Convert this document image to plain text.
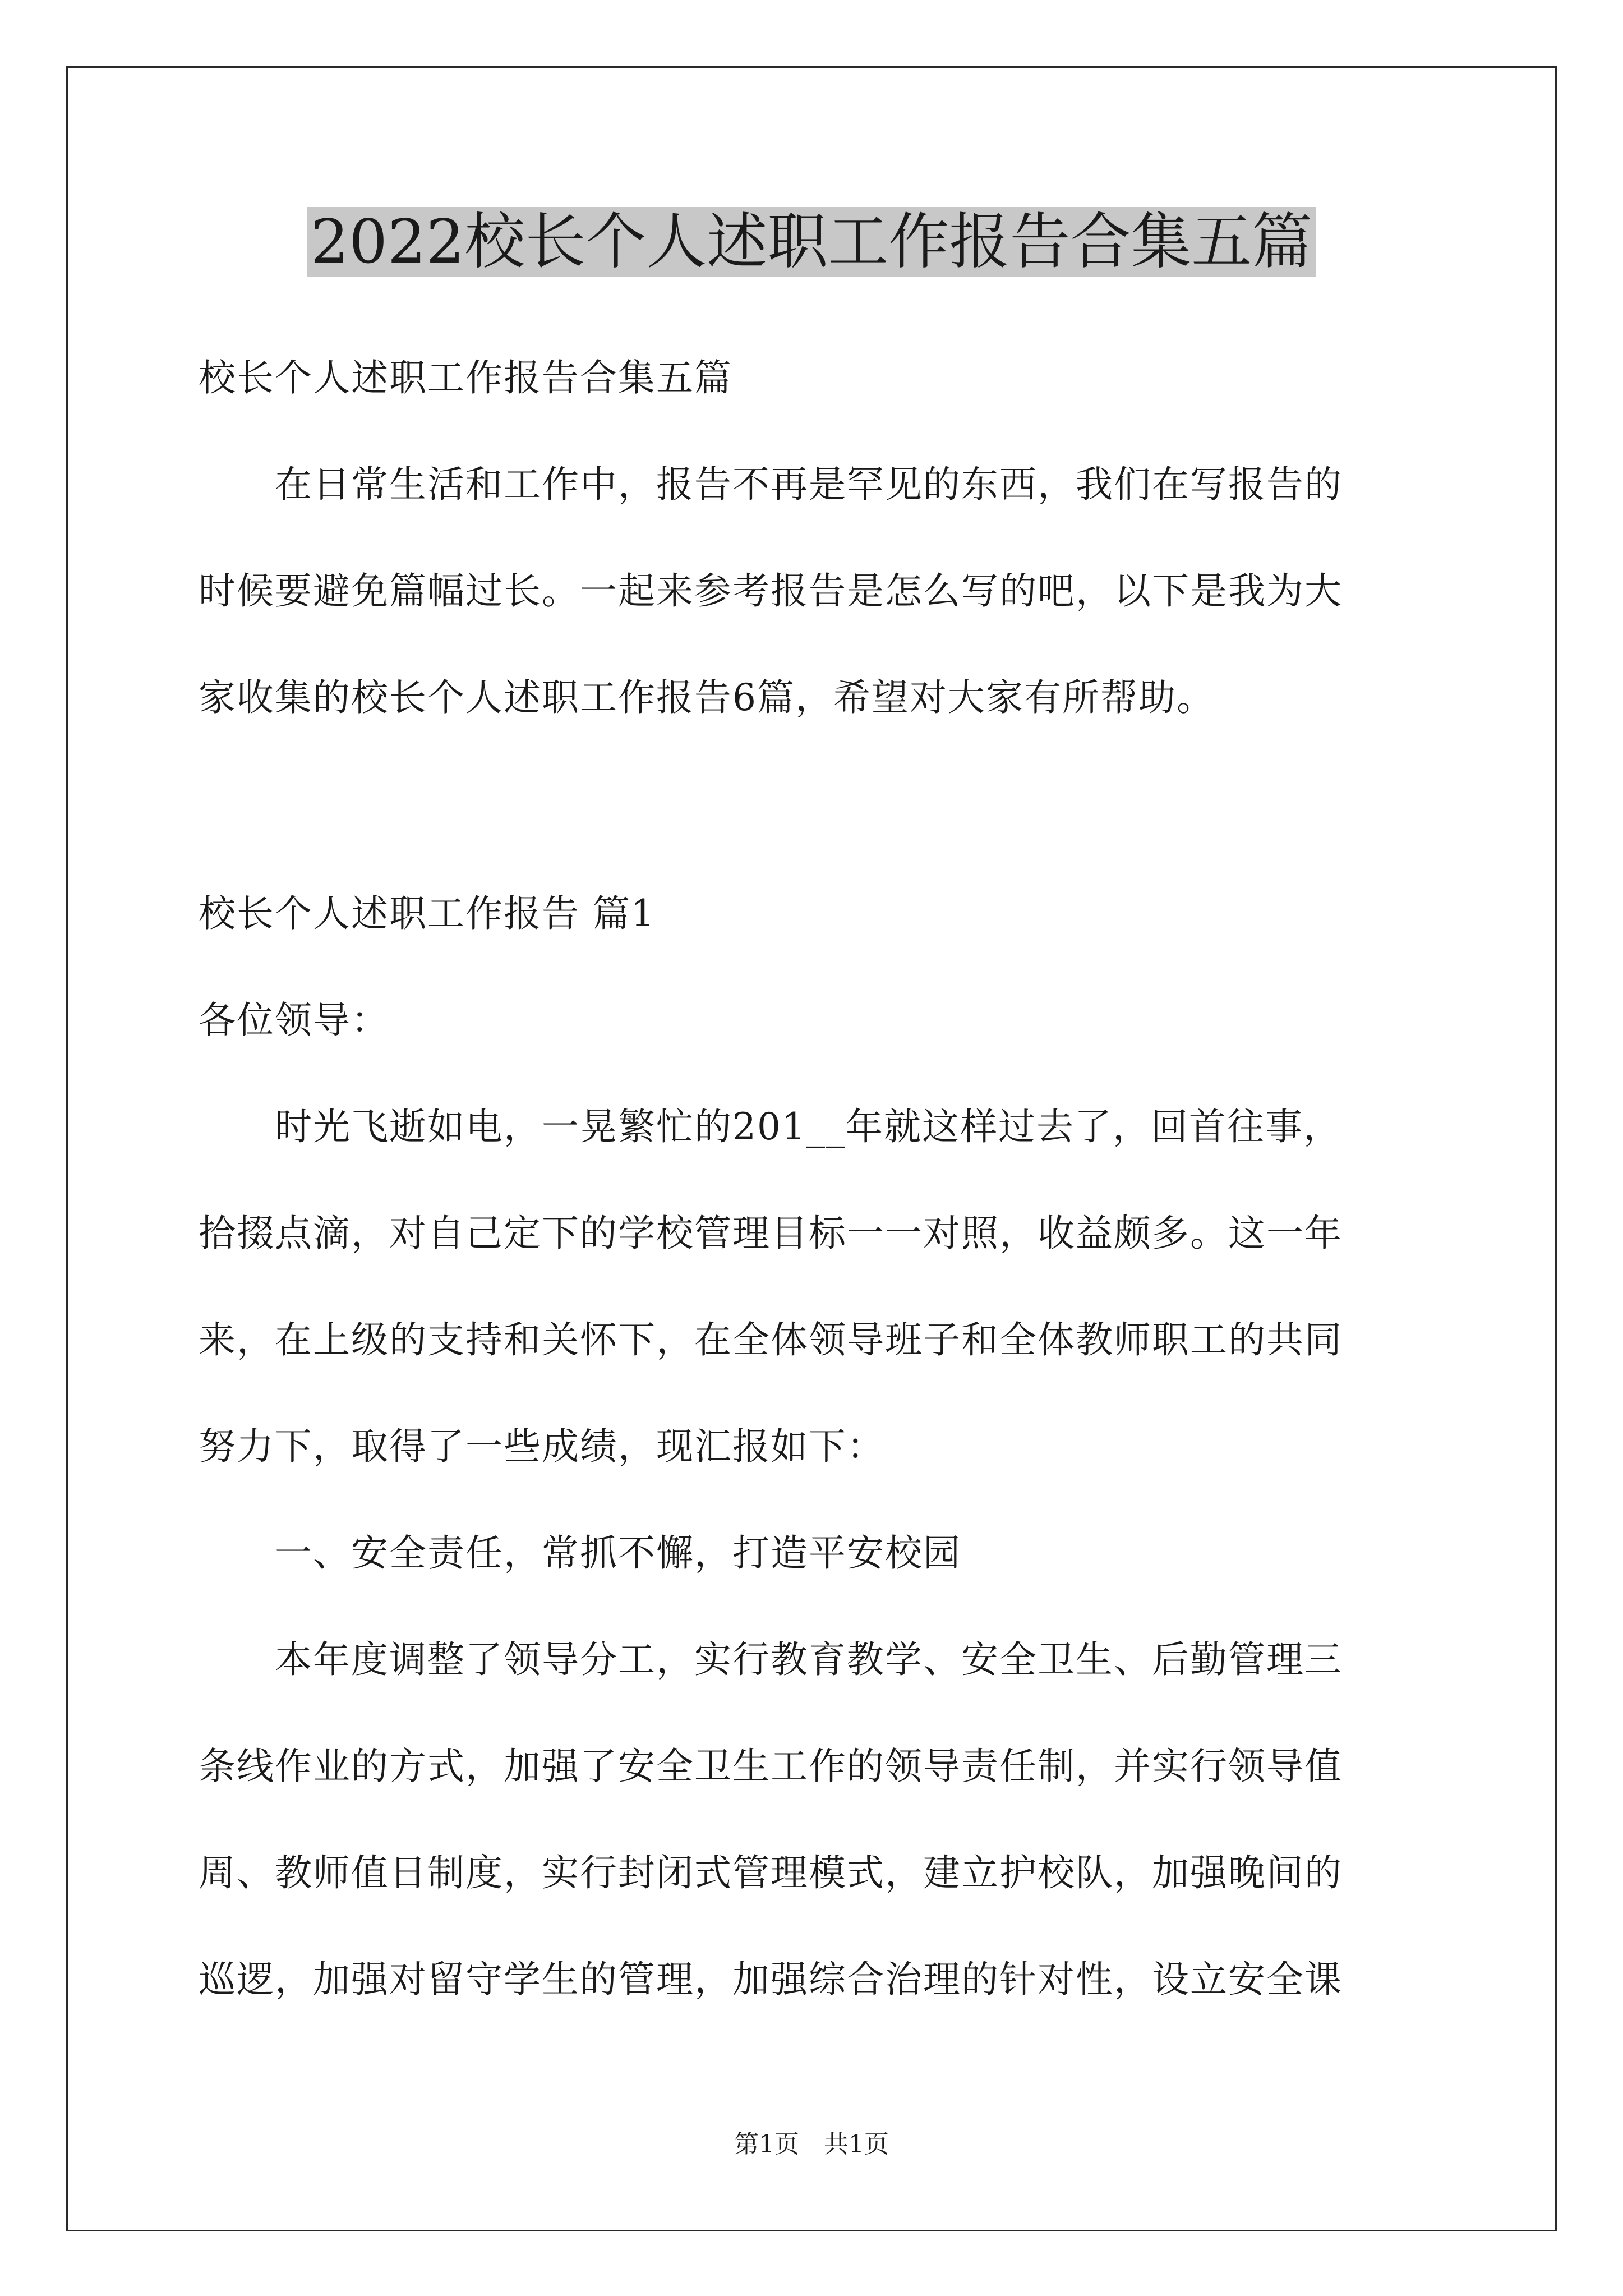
2022校长个人述职工作报告合集五篇

校长个人述职工作报告合集五篇

　　在日常生活和工作中，报告不再是罕见的东西，我们在写报告的

时候要避免篇幅过长。一起来参考报告是怎么写的吧，以下是我为大

家收集的校长个人述职工作报告6篇，希望对大家有所帮助。

校长个人述职工作报告 篇1

各位领导：

　　时光飞逝如电，一晃繁忙的201__年就这样过去了，回首往事，

拾掇点滴，对自己定下的学校管理目标一一对照，收益颇多。这一年

来，在上级的支持和关怀下，在全体领导班子和全体教师职工的共同

努力下，取得了一些成绩，现汇报如下：

　　一、安全责任，常抓不懈，打造平安校园

　　本年度调整了领导分工，实行教育教学、安全卫生、后勤管理三

条线作业的方式，加强了安全卫生工作的领导责任制，并实行领导值

周、教师值日制度，实行封闭式管理模式，建立护校队，加强晚间的

巡逻，加强对留守学生的管理，加强综合治理的针对性，设立安全课

第1页　共1页
